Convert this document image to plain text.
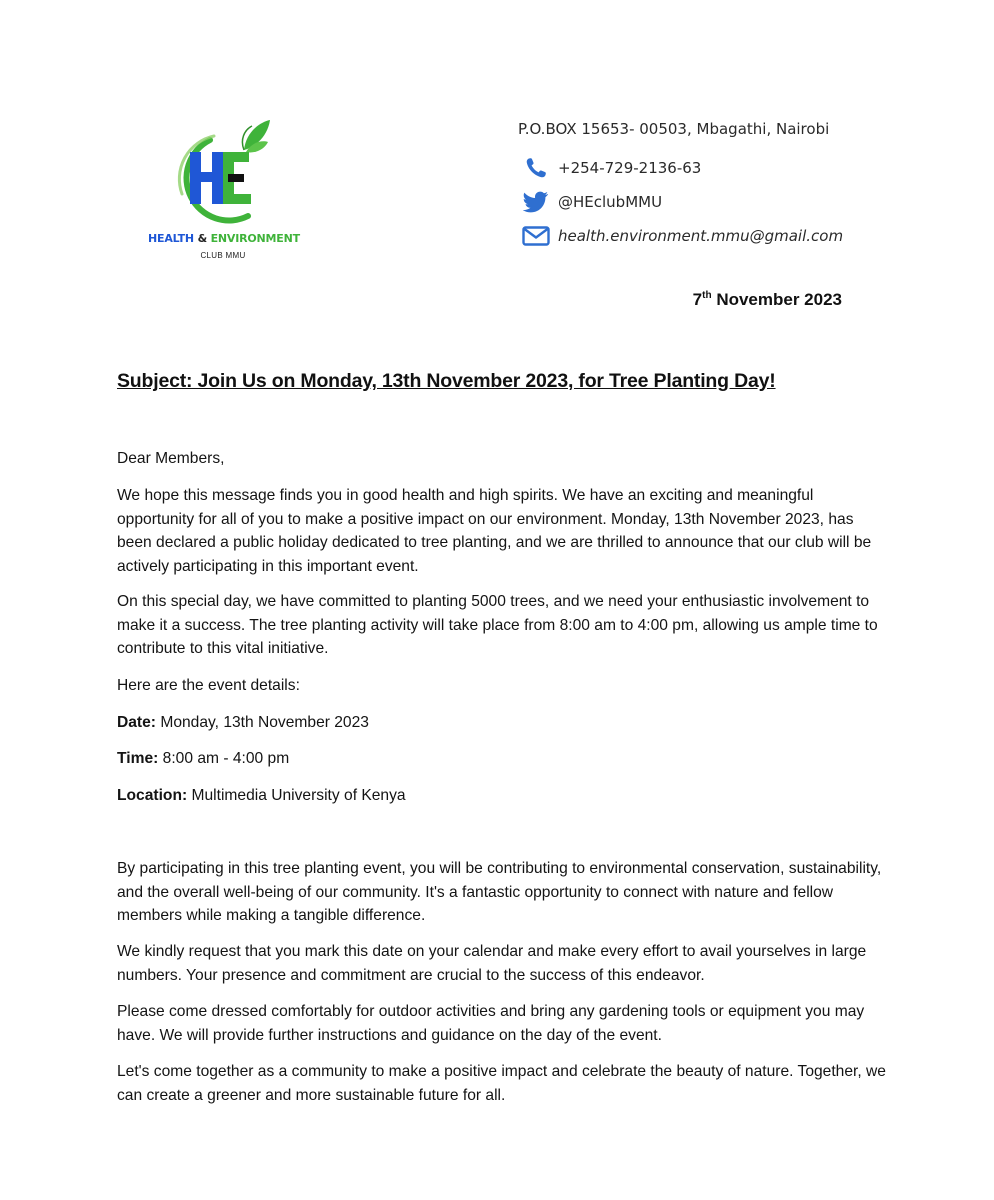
HEALTH & ENVIRONMENT
CLUB MMU
P.O.BOX 15653- 00503, Mbagathi, Nairobi
+254-729-2136-63
@HEclubMMU
health.environment.mmu@gmail.com
7th November 2023
Subject: Join Us on Monday, 13th November 2023, for Tree Planting Day!

Dear Members,

We hope this message finds you in good health and high spirits. We have an exciting and meaningful opportunity for all of you to make a positive impact on our environment. Monday, 13th November 2023, has been declared a public holiday dedicated to tree planting, and we are thrilled to announce that our club will be actively participating in this important event.

On this special day, we have committed to planting 5000 trees, and we need your enthusiastic involvement to make it a success. The tree planting activity will take place from 8:00 am to 4:00 pm, allowing us ample time to contribute to this vital initiative.

Here are the event details:

Date: Monday, 13th November 2023

Time: 8:00 am - 4:00 pm

Location: Multimedia University of Kenya

By participating in this tree planting event, you will be contributing to environmental conservation, sustainability, and the overall well-being of our community. It's a fantastic opportunity to connect with nature and fellow members while making a tangible difference.

We kindly request that you mark this date on your calendar and make every effort to avail yourselves in large numbers. Your presence and commitment are crucial to the success of this endeavor.

Please come dressed comfortably for outdoor activities and bring any gardening tools or equipment you may have. We will provide further instructions and guidance on the day of the event.

Let's come together as a community to make a positive impact and celebrate the beauty of nature. Together, we can create a greener and more sustainable future for all.
